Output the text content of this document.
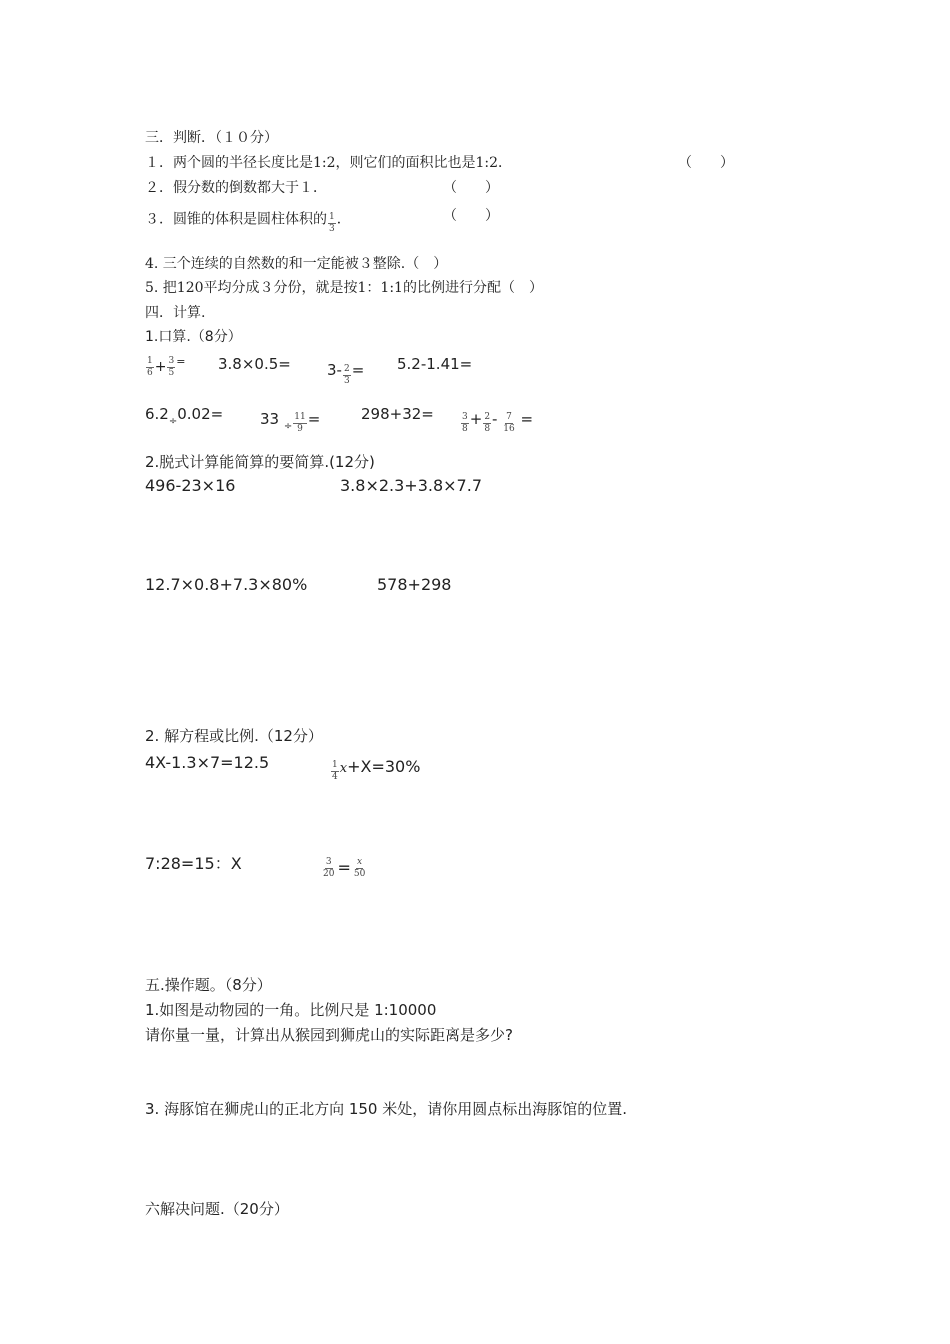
三．判断．（１０分）
１．两个圆的半径长度比是1:2，则它们的面积比也是1:2．	（　　）
２．假分数的倒数都大于１．	（　　）
３．圆锥的体积是圆柱体积的 $\frac{1}{3}$ ．	（　　）
4. 三个连续的自然数的和一定能被３整除.（　）
5. 把120平均分成３分份，就是按1：1:1的比例进行分配（　）
四．计算.
1.口算.（8分）
$\frac{1}{6} + \frac{3}{5} ^=$ $3.8\times 0.5= 3- \frac{2}{3} = 5.2-1.41=$
$6.2_\div 0.02= 33$ $_\div \frac{11}{9}$ =	298+32=	$\frac{3}{8} + \frac{2}{8} - \frac{7}{16}$ =
2.脱式计算能简算的要简算.(12分)
496-23×16	3.8×2.3+3.8×7.7
12.7×0.8+7.3×80%	578+298
2. 解方程或比例.（12分）
4X-1.3×7=12.5	$\frac{1}{4} x+X=30\%$
7:28=15：X	$\frac{3}{20} = \frac{x}{50}$
五.操作题。（8分）
1.如图是动物园的一角。比例尺是 1:10000
请你量一量，计算出从猴园到狮虎山的实际距离是多少?
3. 海豚馆在狮虎山的正北方向 150 米处，请你用圆点标出海豚馆的位置.
六解决问题.（20分）
